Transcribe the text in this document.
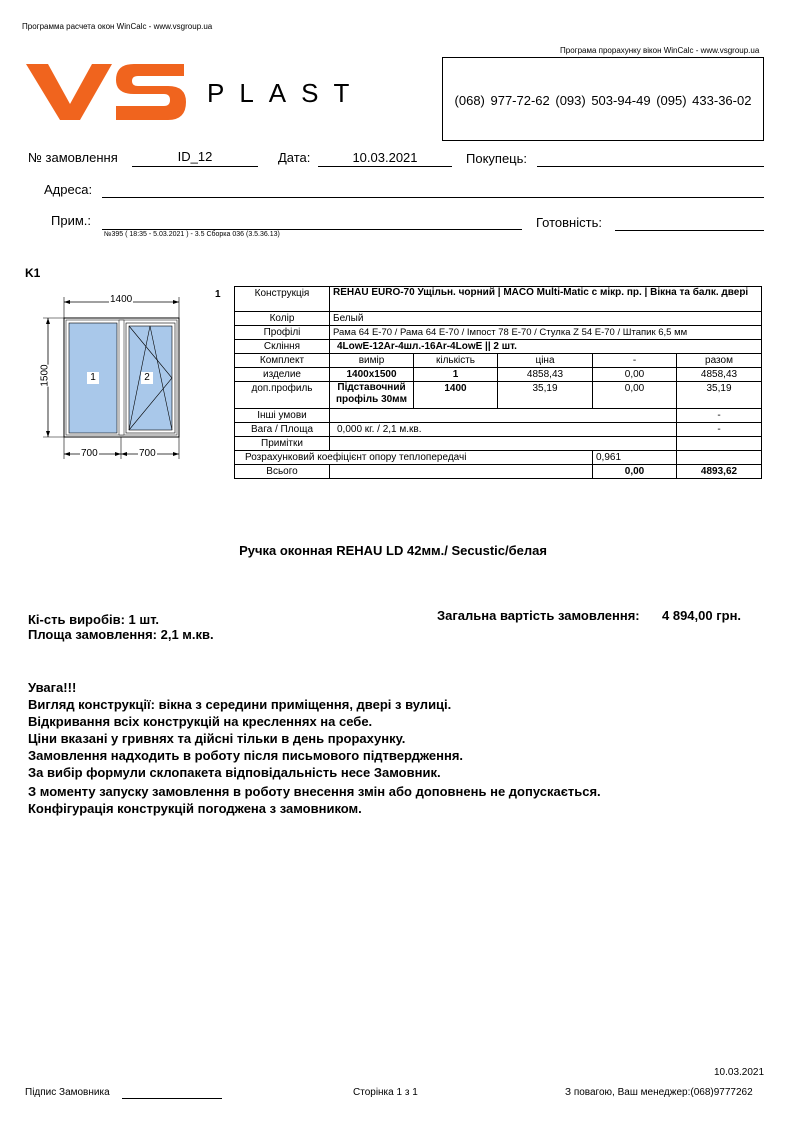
Программа расчета окон WinCalc - www.vsgroup.ua
Програма прорахунку вікон WinCalc - www.vsgroup.ua
PLAST	(068) 977-72-62 (093) 503-94-49 (095) 433-36-02
№ замовлення	ID_12	Дата:	10.03.2021	Покупець:
Адреса:
Прим.:
№395 ( 18:35 - 5.03.2021 ) - 3.5 Сборка 036 (3.5.36.13)
Готовність:
K1
1
1400
1500
700	700
1	2
Конструкція	REHAU EURO-70 Ущільн. чорний | MACO Multi-Matic с мікр. пр. | Вікна та балк. двері				
Колір	Белый				
Профілі	Рама 64 E-70 / Рама 64 E-70 / Імпост 78 E-70 / Стулка Z 54 E-70 / Штапик 6,5 мм				
Скління	4LowE-12Ar-4шл.-16Ar-4LowE || 2 шт.				
Комплект	вимір	кількість	ціна	-	разом
изделие	1400x1500	1	4858,43	0,00	4858,43
доп.профиль	Підставочний профіль 30мм	1400	35,19	0,00	35,19
Інші умови					-
Вага / Площа	0,000 кг. / 2,1 м.кв.				-
Примітки					
Розрахунковий коефіцієнт опору теплопередачі				0,961	
Всього				0,00	4893,62
Ручка оконная REHAU LD 42мм./ Secustic/белая
Кі-сть виробів: 1 шт.
Площа замовлення: 2,1 м.кв.
Загальна вартість замовлення: 4 894,00 грн.
Увага!!!
Вигляд конструкції: вікна з середини приміщення, двері з вулиці.
Відкривання всіх конструкцій на кресленнях на себе.
Ціни вказані у гривнях та дійсні тільки в день прорахунку.
Замовлення надходить в роботу після письмового підтвердження.
За вибір формули склопакета відповідальність несе Замовник.
З моменту запуску замовлення в роботу внесення змін або доповнень не допускається.
Конфігурація конструкцій погоджена з замовником.
10.03.2021
Підпис Замовника	Сторінка 1 з 1	З повагою, Ваш менеджер:(068)9777262
